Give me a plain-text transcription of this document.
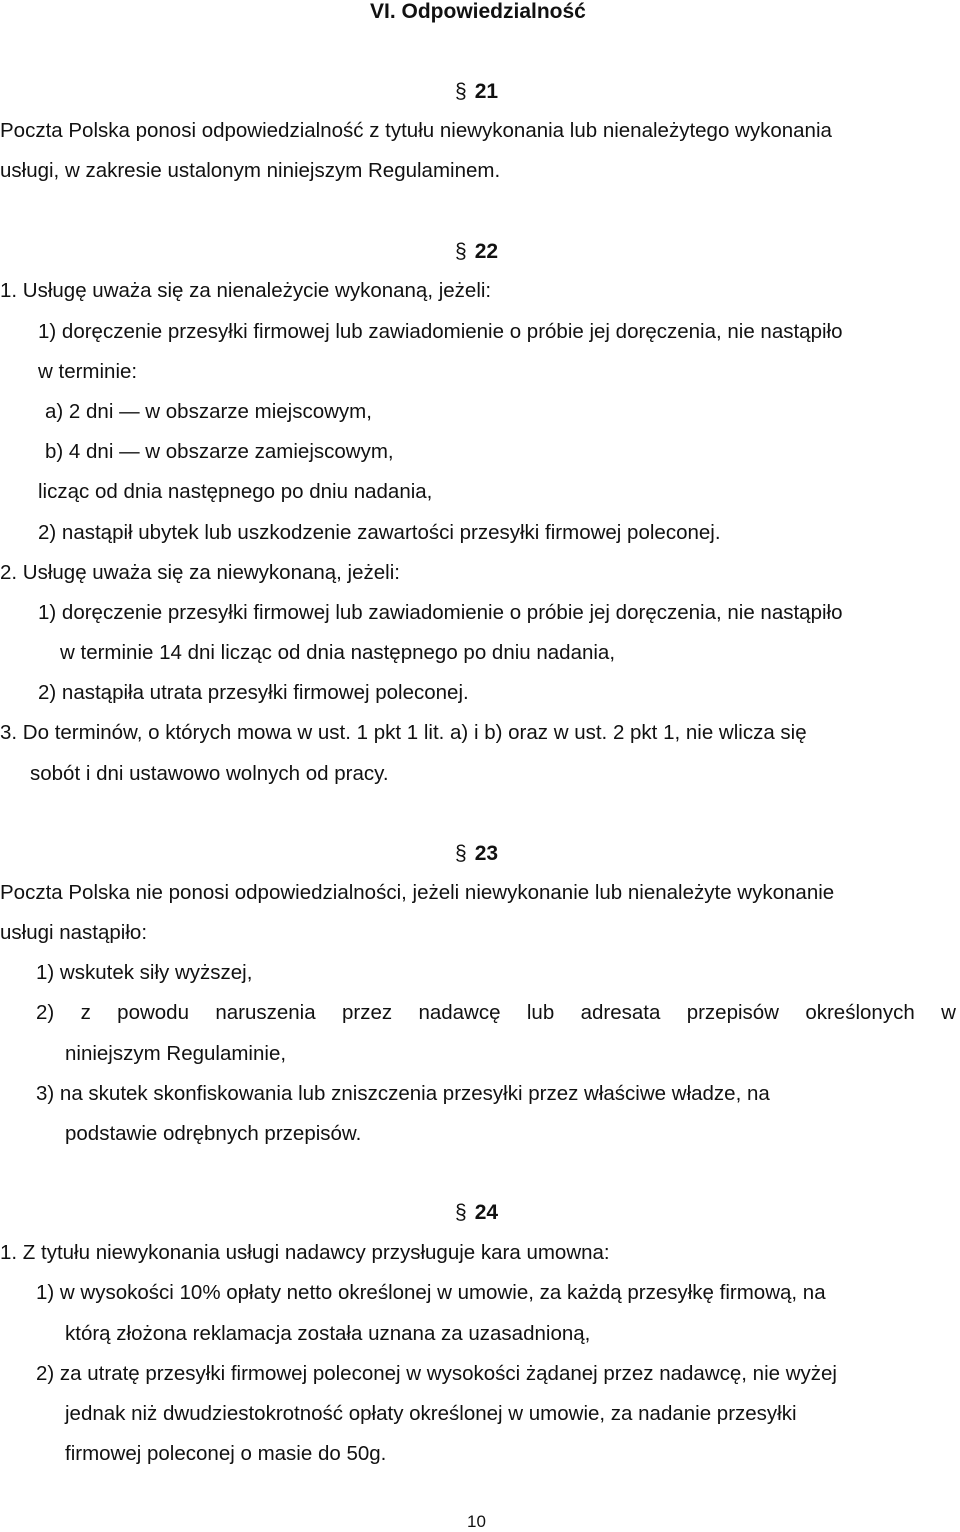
VI. Odpowiedzialność
§ 21
Poczta Polska ponosi odpowiedzialność z tytułu niewykonania lub nienależytego wykonania
usługi, w zakresie ustalonym niniejszym Regulaminem.
§ 22
1. Usługę uważa się za nienależycie wykonaną, jeżeli:
1) doręczenie przesyłki firmowej lub zawiadomienie o próbie jej doręczenia, nie nastąpiło
w terminie:
a) 2 dni — w obszarze miejscowym,
b) 4 dni — w obszarze zamiejscowym,
licząc od dnia następnego po dniu nadania,
2) nastąpił ubytek lub uszkodzenie zawartości przesyłki firmowej poleconej.
2. Usługę uważa się za niewykonaną, jeżeli:
1) doręczenie przesyłki firmowej lub zawiadomienie o próbie jej doręczenia, nie nastąpiło
w terminie 14 dni licząc od dnia następnego po dniu nadania,
2) nastąpiła utrata przesyłki firmowej poleconej.
3. Do terminów, o których mowa w ust. 1 pkt 1 lit. a) i b) oraz w ust. 2 pkt 1, nie wlicza się
sobót i dni ustawowo wolnych od pracy.
§ 23
Poczta Polska nie ponosi odpowiedzialności, jeżeli niewykonanie lub nienależyte wykonanie
usługi nastąpiło:
1) wskutek siły wyższej,
2) z powodu naruszenia przez nadawcę lub adresata przepisów określonych w
niniejszym Regulaminie,
3) na skutek skonfiskowania lub zniszczenia przesyłki przez właściwe władze, na
podstawie odrębnych przepisów.
§ 24
1. Z tytułu niewykonania usługi nadawcy przysługuje kara umowna:
1) w wysokości 10% opłaty netto określonej w umowie, za każdą przesyłkę firmową, na
którą złożona reklamacja została uznana za uzasadnioną,
2) za utratę przesyłki firmowej poleconej w wysokości żądanej przez nadawcę, nie wyżej
jednak niż dwudziestokrotność opłaty określonej w umowie, za nadanie przesyłki
firmowej poleconej o masie do 50g.
10
